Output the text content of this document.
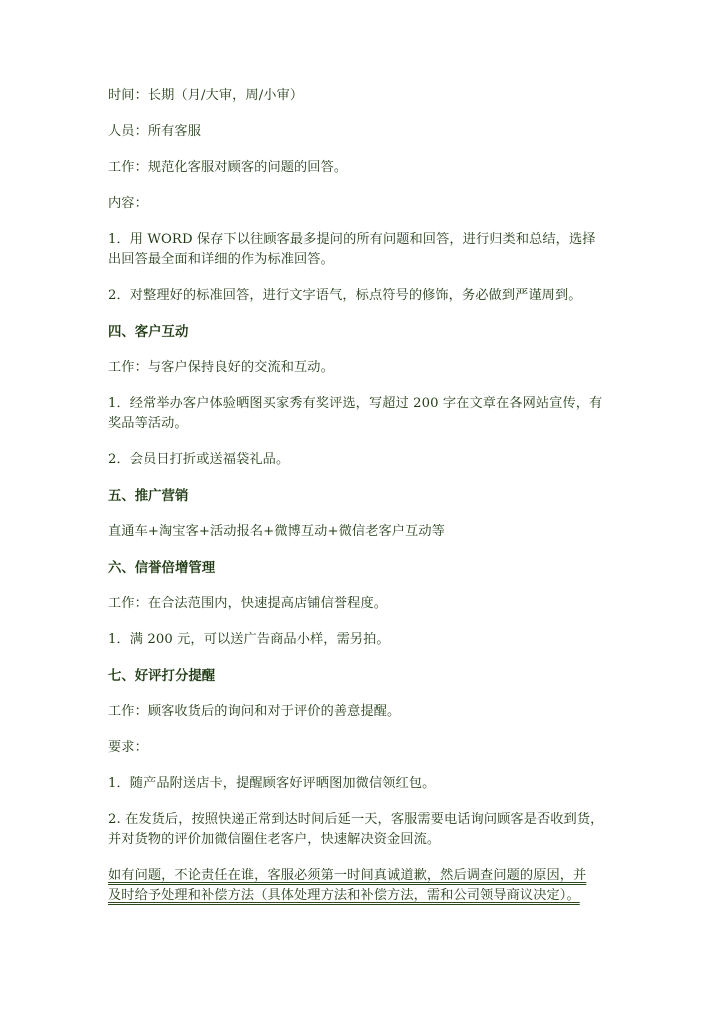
时间：长期（月/大审，周/小审）

人员：所有客服

工作：规范化客服对顾客的问题的回答。

内容：

1．用 WORD 保存下以往顾客最多提问的所有问题和回答，进行归类和总结，选择

出回答最全面和详细的作为标准回答。

2．对整理好的标准回答，进行文字语气，标点符号的修饰，务必做到严谨周到。

四、客户互动

工作：与客户保持良好的交流和互动。

1．经常举办客户体验晒图买家秀有奖评选，写超过 200 字在文章在各网站宣传，有

奖品等活动。

2．会员日打折或送福袋礼品。

五、推广营销

直通车+淘宝客+活动报名+微博互动+微信老客户互动等

六、信誉倍增管理

工作：在合法范围内，快速提高店铺信誉程度。

1．满 200 元，可以送广告商品小样，需另拍。

七、好评打分提醒

工作：顾客收货后的询问和对于评价的善意提醒。

要求：

1．随产品附送店卡，提醒顾客好评晒图加微信领红包。

2. 在发货后，按照快递正常到达时间后延一天，客服需要电话询问顾客是否收到货，

并对货物的评价加微信圈住老客户，快速解决资金回流。

如有问题，不论责任在谁，客服必须第一时间真诚道歉，然后调查问题的原因，并

及时给予处理和补偿方法（具体处理方法和补偿方法，需和公司领导商议决定）。
